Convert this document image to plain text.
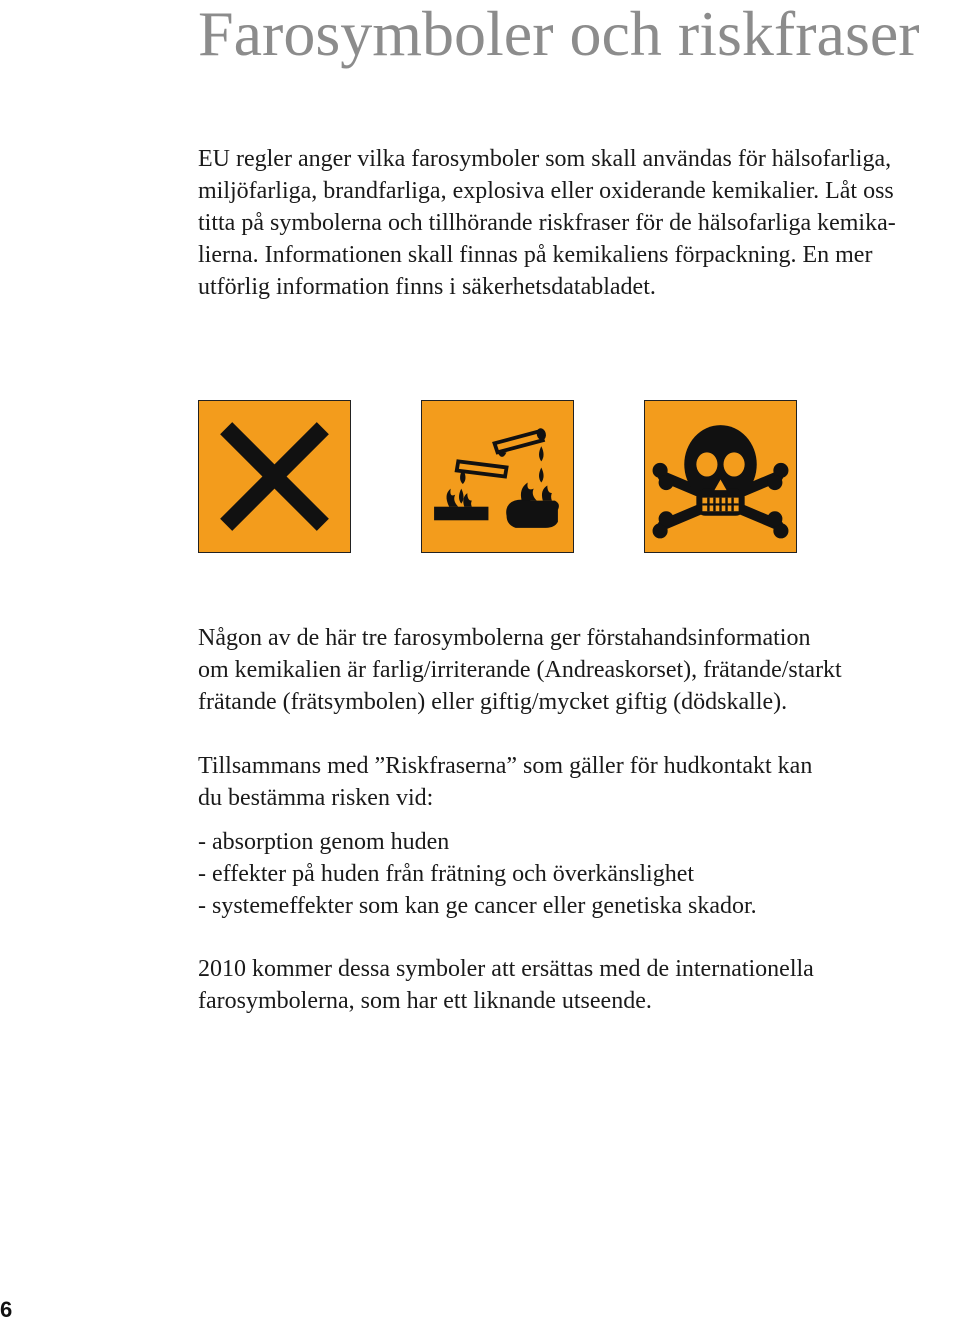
Farosymboler och riskfraser

EU regler anger vilka farosymboler som skall användas för hälsofarliga,
miljöfarliga, brandfarliga, explosiva eller oxiderande kemikalier. Låt oss
titta på symbolerna och tillhörande riskfraser för de hälsofarliga kemika-
lierna. Informationen skall finnas på kemikaliens förpackning. En mer
utförlig information finns i säkerhetsdatabladet.

Någon av de här tre farosymbolerna ger förstahandsinformation
om kemikalien är farlig/irriterande (Andreaskorset), frätande/starkt
frätande (frätsymbolen) eller giftig/mycket giftig (dödskalle).

Tillsammans med ”Riskfraserna” som gäller för hudkontakt kan
du bestämma risken vid:

- absorption genom huden
- effekter på huden från frätning och överkänslighet
- systemeffekter som kan ge cancer eller genetiska skador.

2010 kommer dessa symboler att ersättas med de internationella
farosymbolerna, som har ett liknande utseende.

6
